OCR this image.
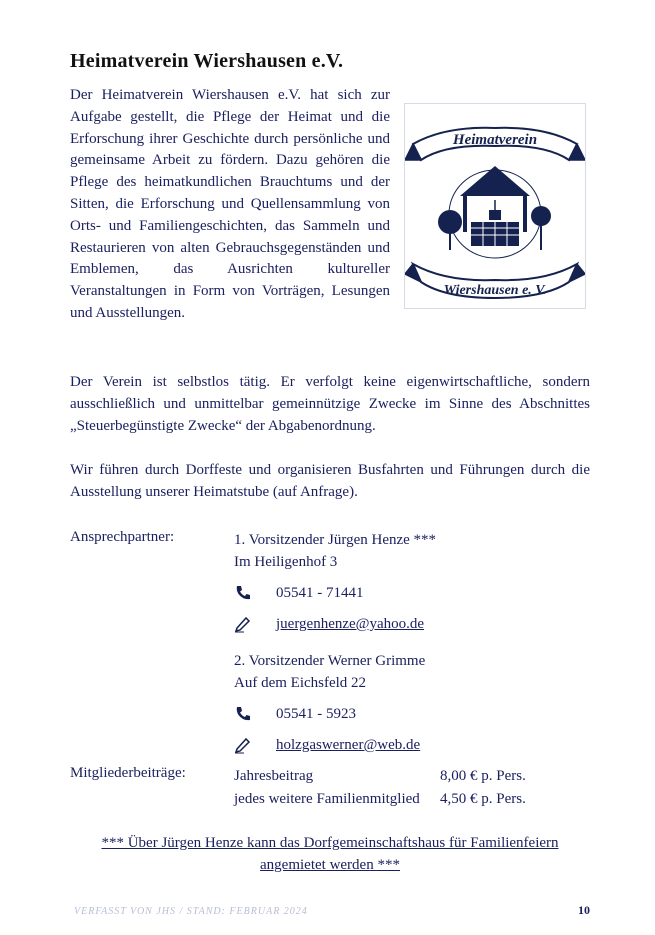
Heimatverein Wiershausen e.V.
Der Heimatverein Wiershausen e.V. hat sich zur Aufgabe gestellt, die Pflege der Heimat und die Erforschung ihrer Geschichte durch persönliche und gemeinsame Arbeit zu fördern. Dazu gehören die Pflege des heimatkundlichen Brauchtums und der Sitten, die Erforschung und Quellensammlung von Orts- und Familiengeschichten, das Sammeln und Restaurieren von alten Gebrauchsgegenständen und Emblemen, das Ausrichten kultureller Veranstaltungen in Form von Vorträgen, Lesungen und Ausstellungen.
Heimatverein
Wiershausen e. V.
Der Verein ist selbstlos tätig. Er verfolgt keine eigenwirtschaftliche, sondern ausschließlich und unmittelbar gemeinnützige Zwecke im Sinne des Abschnittes „Steuerbegünstigte Zwecke“ der Abgabenordnung.
Wir führen durch Dorffeste und organisieren Busfahrten und Führungen durch die Ausstellung unserer Heimatstube (auf Anfrage).
Ansprechpartner:	1. Vorsitzender Jürgen Henze ***
Im Heiligenhof 3
05541 - 71441
juergenhenze@yahoo.de
2. Vorsitzender Werner Grimme
Auf dem Eichsfeld 22
05541 - 5923
holzgaswerner@web.de
Mitgliederbeiträge:	Jahresbeitrag	8,00 € p. Pers.
jedes weitere Familienmitglied 4,50 € p. Pers.
*** Über Jürgen Henze kann das Dorfgemeinschaftshaus für Familienfeiern angemietet werden ***
VERFASST VON JHS / STAND: FEBRUAR 2024	10
